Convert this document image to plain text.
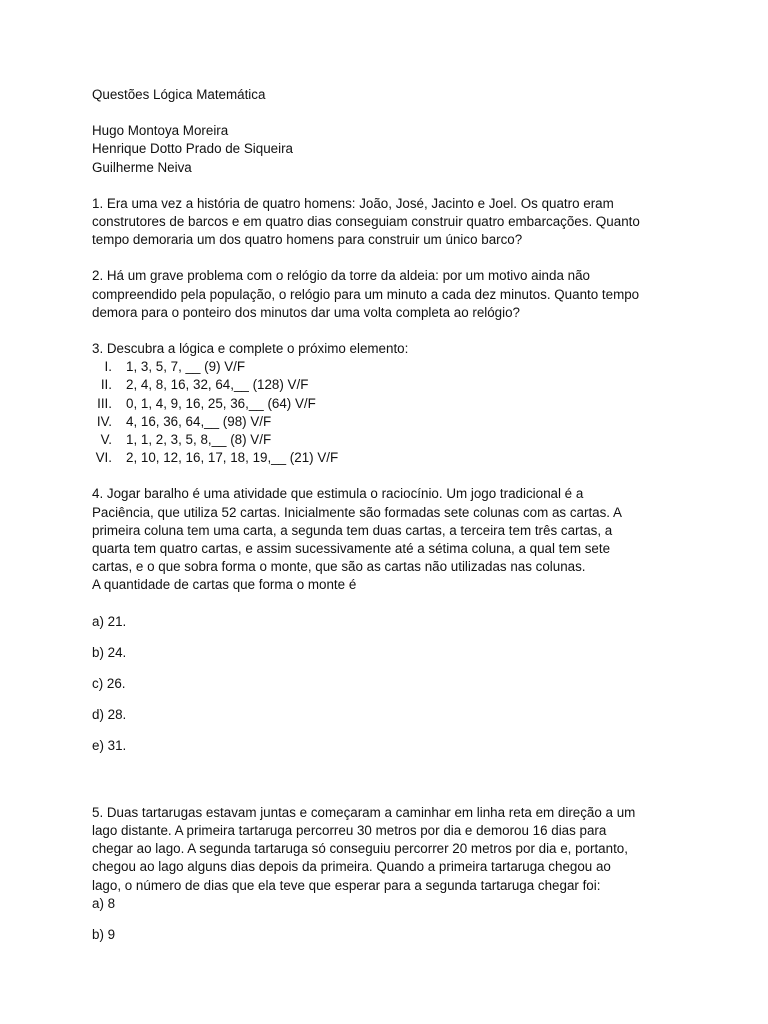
Questões Lógica Matemática

Hugo Montoya Moreira

Henrique Dotto Prado de Siqueira

Guilherme Neiva

1. Era uma vez a história de quatro homens: João, José, Jacinto e Joel. Os quatro eram

construtores de barcos e em quatro dias conseguiam construir quatro embarcações. Quanto

tempo demoraria um dos quatro homens para construir um único barco?

2. Há um grave problema com o relógio da torre da aldeia: por um motivo ainda não

compreendido pela população, o relógio para um minuto a cada dez minutos. Quanto tempo

demora para o ponteiro dos minutos dar uma volta completa ao relógio?

3. Descubra a lógica e complete o próximo elemento:

I.	1, 3, 5, 7, __ (9) V/F
II.	2, 4, 8, 16, 32, 64,__ (128) V/F
III.	0, 1, 4, 9, 16, 25, 36,__ (64) V/F
IV.	4, 16, 36, 64,__ (98) V/F
V.	1, 1, 2, 3, 5, 8,__ (8) V/F
VI.	2, 10, 12, 16, 17, 18, 19,__ (21) V/F

4. Jogar baralho é uma atividade que estimula o raciocínio. Um jogo tradicional é a

Paciência, que utiliza 52 cartas. Inicialmente são formadas sete colunas com as cartas. A

primeira coluna tem uma carta, a segunda tem duas cartas, a terceira tem três cartas, a

quarta tem quatro cartas, e assim sucessivamente até a sétima coluna, a qual tem sete

cartas, e o que sobra forma o monte, que são as cartas não utilizadas nas colunas.

A quantidade de cartas que forma o monte é

a) 21.

b) 24.

c) 26.

d) 28.

e) 31.

5. Duas tartarugas estavam juntas e começaram a caminhar em linha reta em direção a um

lago distante. A primeira tartaruga percorreu 30 metros por dia e demorou 16 dias para

chegar ao lago. A segunda tartaruga só conseguiu percorrer 20 metros por dia e, portanto,

chegou ao lago alguns dias depois da primeira. Quando a primeira tartaruga chegou ao

lago, o número de dias que ela teve que esperar para a segunda tartaruga chegar foi:

a) 8

b) 9
